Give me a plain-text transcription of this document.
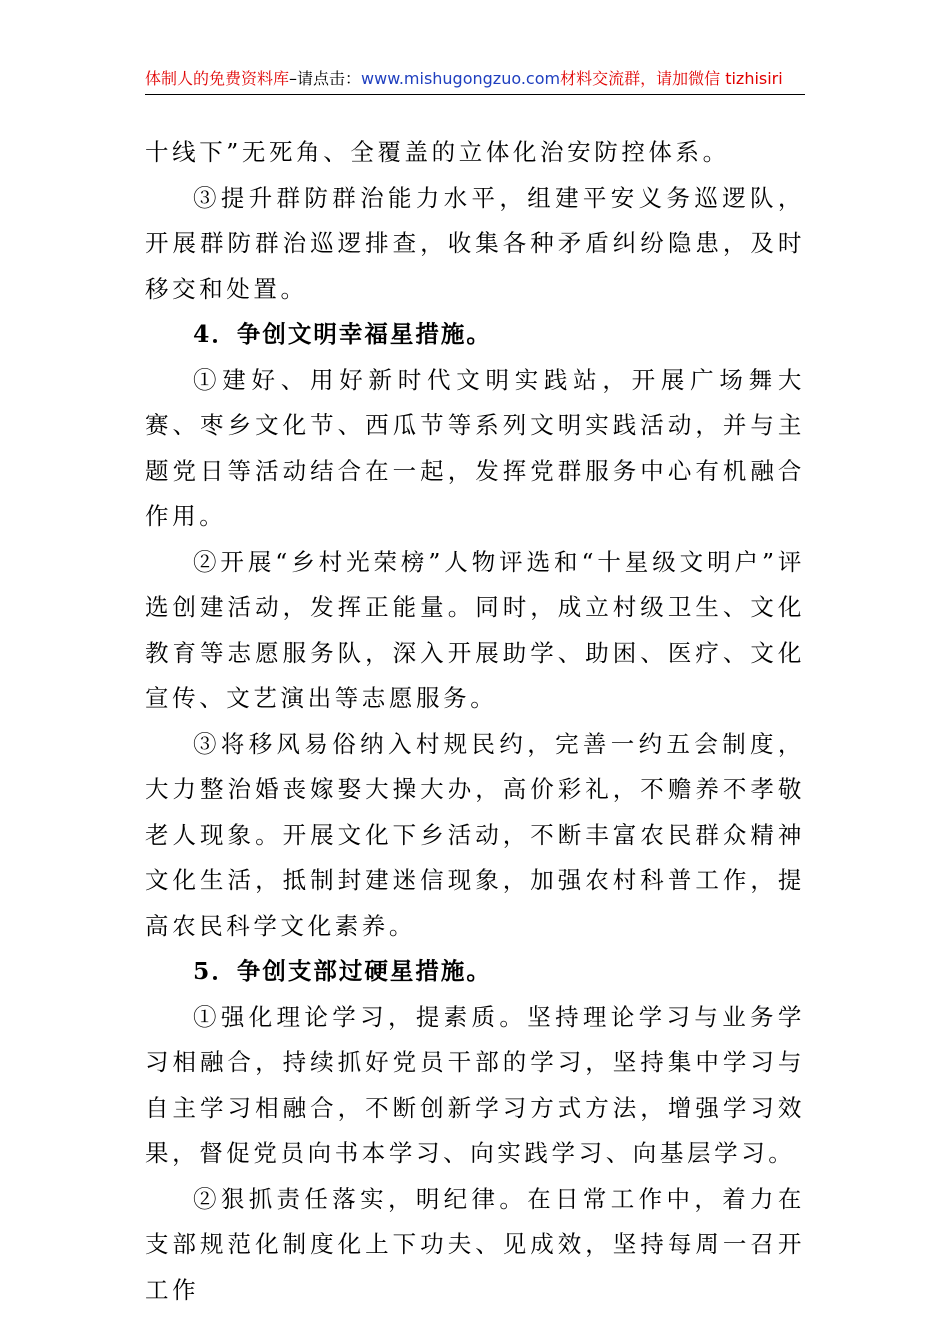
体制人的免费资料库–请点击：www.mishugongzuo.com材料交流群，请加微信 tizhisiri

十线下”无死角、全覆盖的立体化治安防控体系。

③提升群防群治能力水平，组建平安义务巡逻队，开展群防群治巡逻排查，收集各种矛盾纠纷隐患，及时移交和处置。

4．争创文明幸福星措施。

①建好、用好新时代文明实践站，开展广场舞大赛、枣乡文化节、西瓜节等系列文明实践活动，并与主题党日等活动结合在一起，发挥党群服务中心有机融合作用。

②开展“乡村光荣榜”人物评选和“十星级文明户”评选创建活动，发挥正能量。同时，成立村级卫生、文化教育等志愿服务队，深入开展助学、助困、医疗、文化宣传、文艺演出等志愿服务。

③将移风易俗纳入村规民约，完善一约五会制度，大力整治婚丧嫁娶大操大办，高价彩礼，不赡养不孝敬老人现象。开展文化下乡活动，不断丰富农民群众精神文化生活，抵制封建迷信现象，加强农村科普工作，提高农民科学文化素养。

5．争创支部过硬星措施。

①强化理论学习，提素质。坚持理论学习与业务学习相融合，持续抓好党员干部的学习，坚持集中学习与自主学习相融合，不断创新学习方式方法，增强学习效果，督促党员向书本学习、向实践学习、向基层学习。

②狠抓责任落实，明纪律。在日常工作中，着力在支部规范化制度化上下功夫、见成效，坚持每周一召开工作
